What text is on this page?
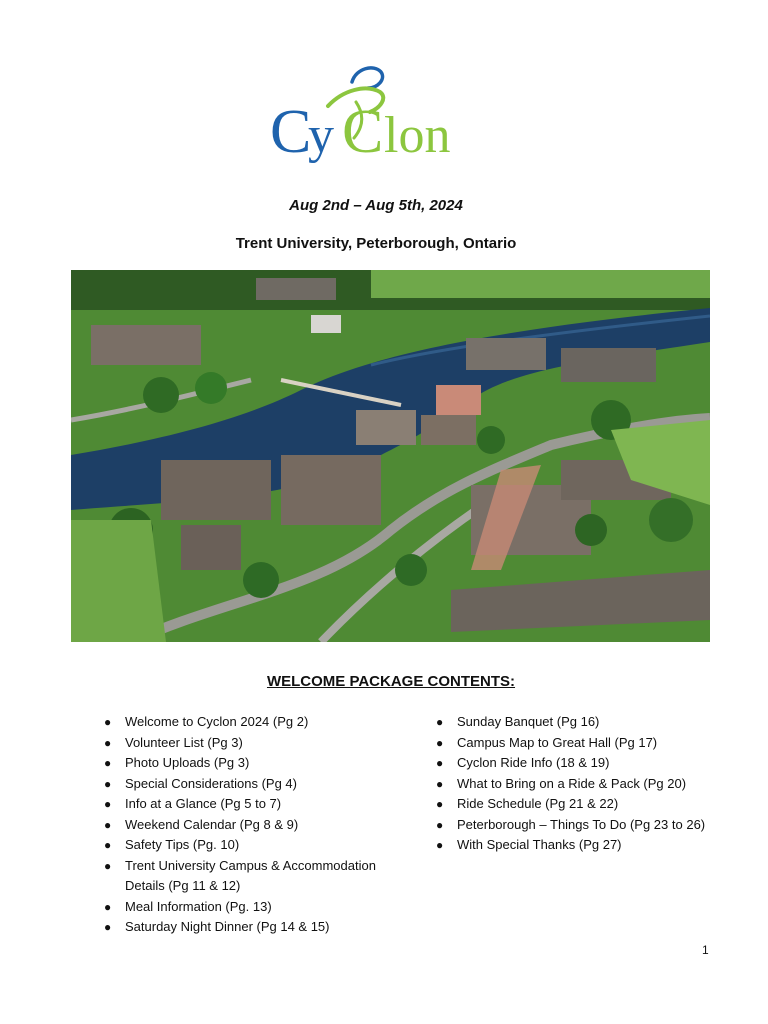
C
y C lon
Aug 2nd – Aug 5th, 2024
Trent University, Peterborough, Ontario
WELCOME PACKAGE CONTENTS:
● Welcome to Cyclon 2024 (Pg 2)
● Volunteer List (Pg 3)
● Photo Uploads (Pg 3)
● Special Considerations (Pg 4)
● Info at a Glance (Pg 5 to 7)
● Weekend Calendar (Pg 8 & 9)
● Safety Tips (Pg. 10)
● Trent University Campus & Accommodation Details (Pg 11 & 12)
● Meal Information (Pg. 13)
● Saturday Night Dinner (Pg 14 & 15)
● Sunday Banquet (Pg 16)
● Campus Map to Great Hall (Pg 17)
● Cyclon Ride Info (18 & 19)
● What to Bring on a Ride & Pack (Pg 20)
● Ride Schedule (Pg 21 & 22)
● Peterborough – Things To Do (Pg 23 to 26)
● With Special Thanks (Pg 27)
1
